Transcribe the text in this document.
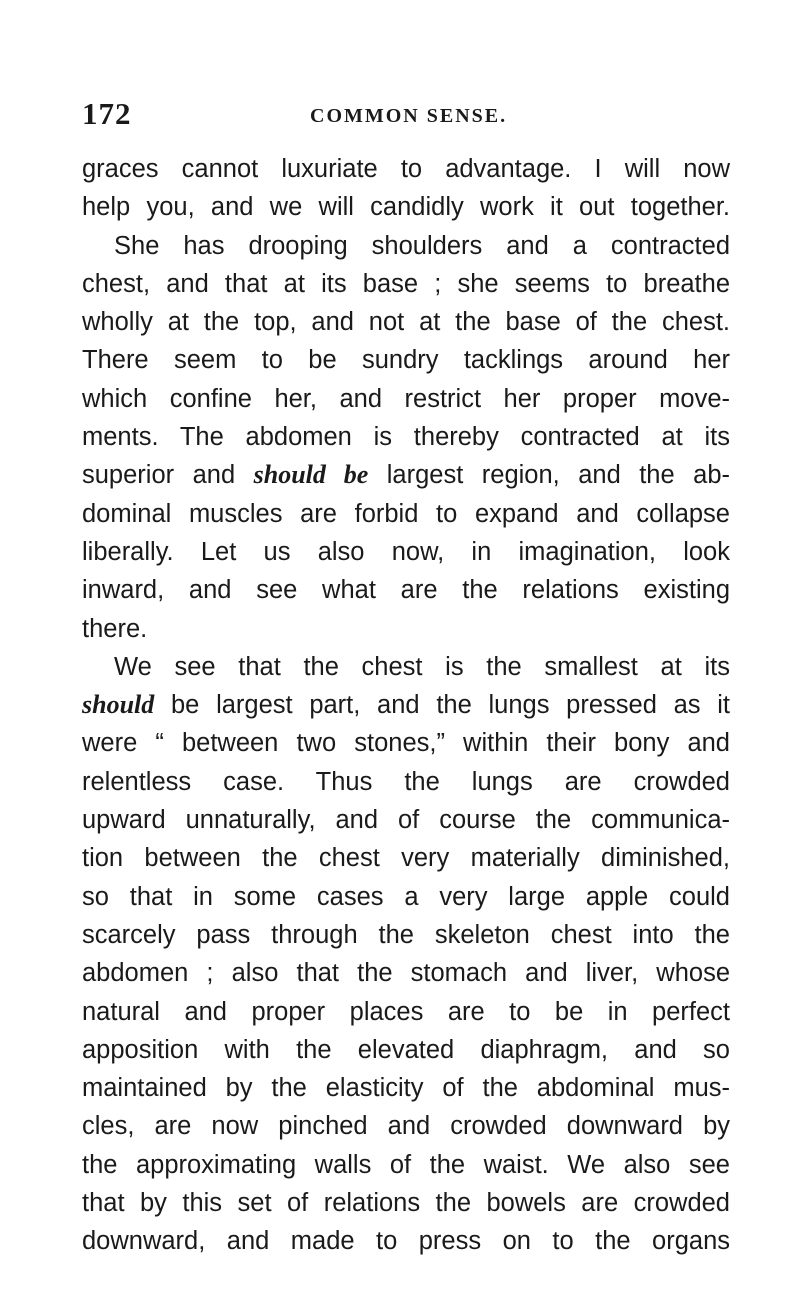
172	COMMON SENSE.
graces cannot luxuriate to advantage. I will now
help you, and we will candidly work it out together.
She has drooping shoulders and a contracted
chest, and that at its base ; she seems to breathe
wholly at the top, and not at the base of the chest.
There seem to be sundry tacklings around her
which confine her, and restrict her proper move-
ments. The abdomen is thereby contracted at its
superior and should be largest region, and the ab-
dominal muscles are forbid to expand and collapse
liberally. Let us also now, in imagination, look
inward, and see what are the relations existing
there.
We see that the chest is the smallest at its
should be largest part, and the lungs pressed as it
were “ between two stones,” within their bony and
relentless case. Thus the lungs are crowded
upward unnaturally, and of course the communica-
tion between the chest very materially diminished,
so that in some cases a very large apple could
scarcely pass through the skeleton chest into the
abdomen ; also that the stomach and liver, whose
natural and proper places are to be in perfect
apposition with the elevated diaphragm, and so
maintained by the elasticity of the abdominal mus-
cles, are now pinched and crowded downward by
the approximating walls of the waist. We also see
that by this set of relations the bowels are crowded
downward, and made to press on to the organs
